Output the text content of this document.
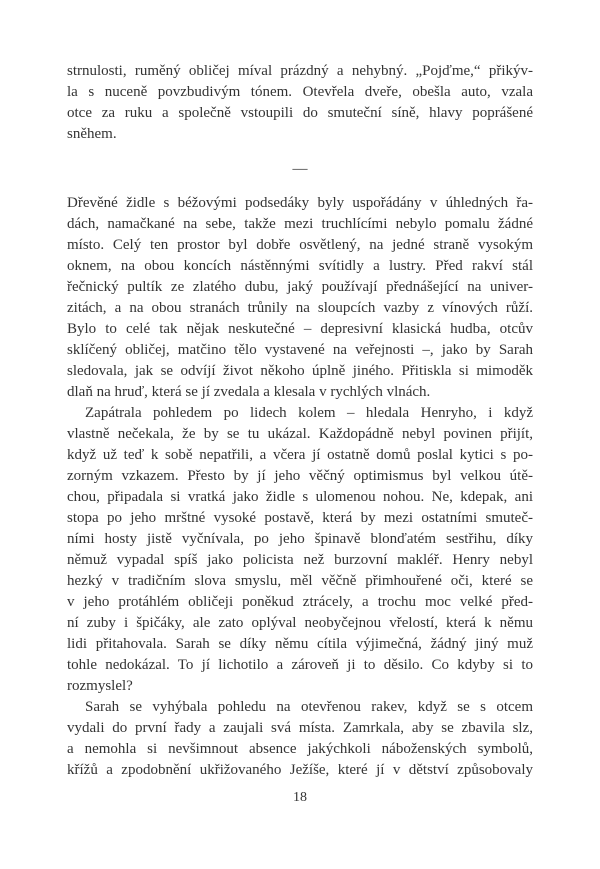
strnulosti, ruměný obličej míval prázdný a nehybný. „Pojďme,“ přikýv-
la s nuceně povzbudivým tónem. Otevřela dveře, obešla auto, vzala
otce za ruku a společně vstoupili do smuteční síně, hlavy poprášené
sněhem.
—
Dřevěné židle s béžovými podsedáky byly uspořádány v úhledných řa-
dách, namačkané na sebe, takže mezi truchlícími nebylo pomalu žádné
místo. Celý ten prostor byl dobře osvětlený, na jedné straně vysokým
oknem, na obou koncích nástěnnými svítidly a lustry. Před rakví stál
řečnický pultík ze zlatého dubu, jaký používají přednášející na univer-
zitách, a na obou stranách trůnily na sloupcích vazby z vínových růží.
Bylo to celé tak nějak neskutečné – depresivní klasická hudba, otcův
sklíčený obličej, matčino tělo vystavené na veřejnosti –, jako by Sarah
sledovala, jak se odvíjí život někoho úplně jiného. Přitiskla si mimoděk
dlaň na hruď, která se jí zvedala a klesala v rychlých vlnách.
Zapátrala pohledem po lidech kolem – hledala Henryho, i když
vlastně nečekala, že by se tu ukázal. Každopádně nebyl povinen přijít,
když už teď k sobě nepatřili, a včera jí ostatně domů poslal kytici s po-
zorným vzkazem. Přesto by jí jeho věčný optimismus byl velkou útě-
chou, připadala si vratká jako židle s ulomenou nohou. Ne, kdepak, ani
stopa po jeho mrštné vysoké postavě, která by mezi ostatními smuteč-
ními hosty jistě vyčnívala, po jeho špinavě blonďatém sestřihu, díky
němuž vypadal spíš jako policista než burzovní makléř. Henry nebyl
hezký v tradičním slova smyslu, měl věčně přimhouřené oči, které se
v jeho protáhlém obličeji poněkud ztrácely, a trochu moc velké před-
ní zuby i špičáky, ale zato oplýval neobyčejnou vřelostí, která k němu
lidi přitahovala. Sarah se díky němu cítila výjimečná, žádný jiný muž
tohle nedokázal. To jí lichotilo a zároveň ji to děsilo. Co kdyby si to
rozmyslel?
Sarah se vyhýbala pohledu na otevřenou rakev, když se s otcem
vydali do první řady a zaujali svá místa. Zamrkala, aby se zbavila slz,
a nemohla si nevšimnout absence jakýchkoli náboženských symbolů,
křížů a zpodobnění ukřižovaného Ježíše, které jí v dětství způsobovaly
18
